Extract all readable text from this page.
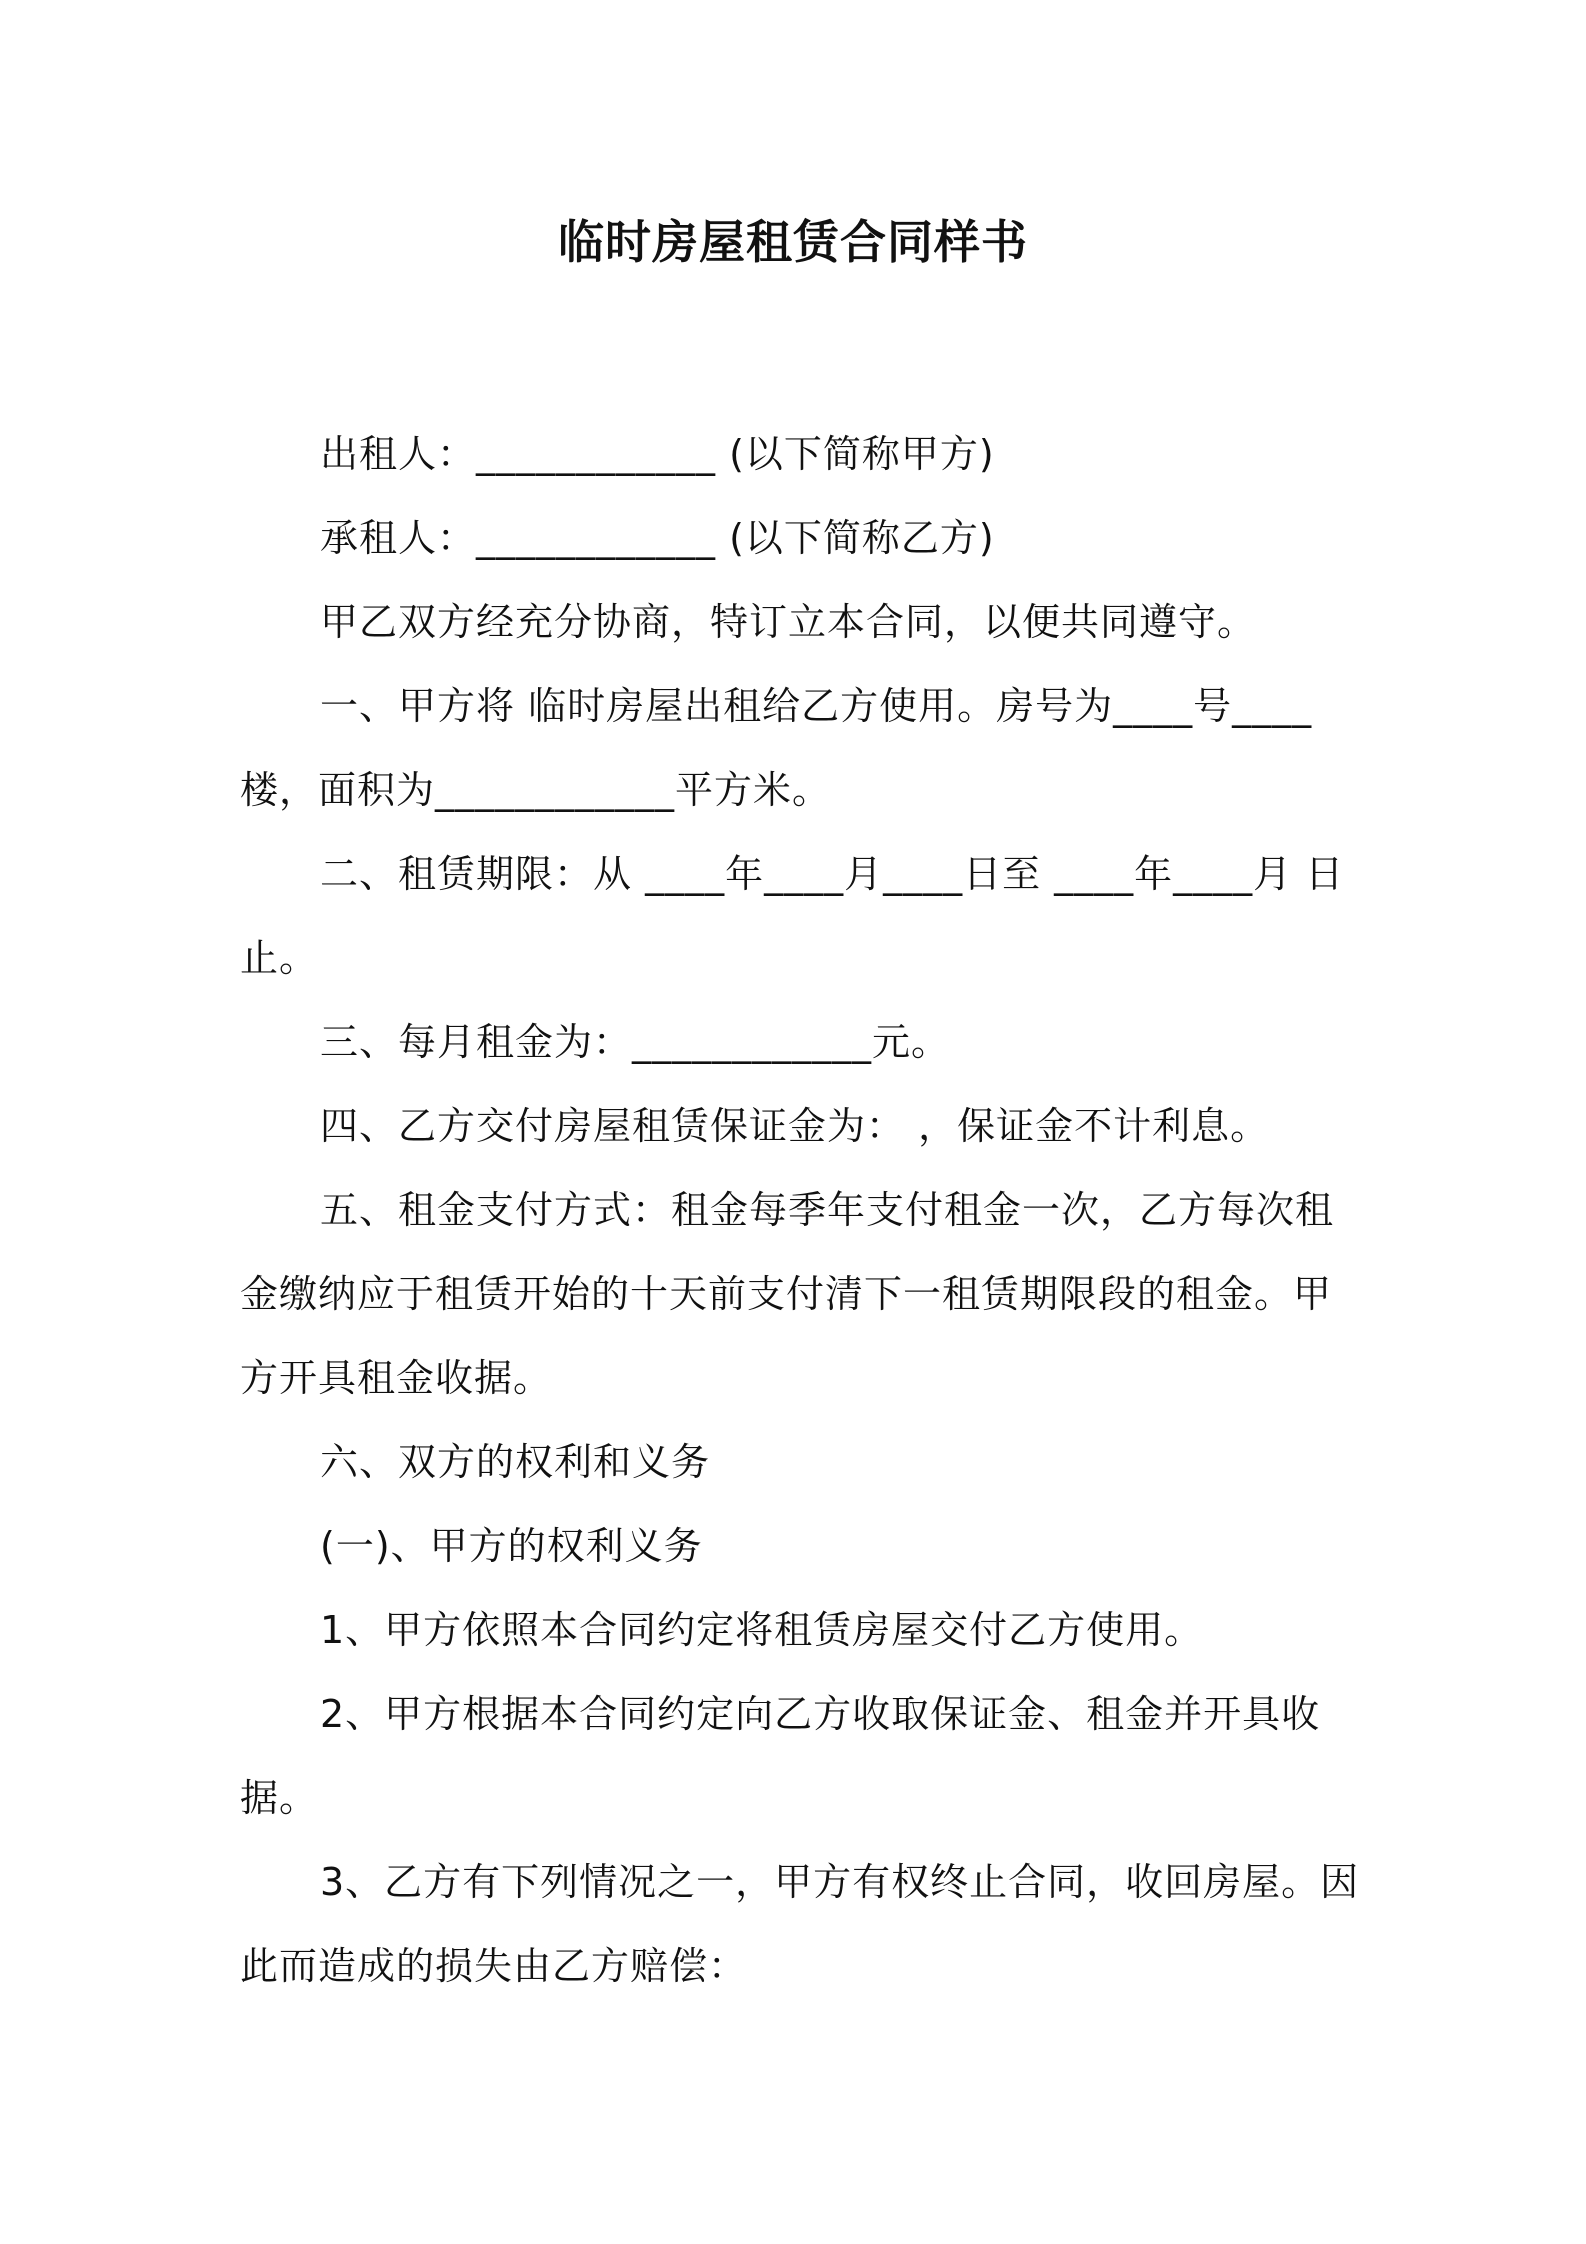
临时房屋租赁合同样书
出租人：____________ (以下简称甲方)
承租人：____________ (以下简称乙方)
甲乙双方经充分协商，特订立本合同，以便共同遵守。
一、甲方将 临时房屋出租给乙方使用。房号为____号____楼，面积为____________平方米。
二、租赁期限：从 ____年____月____日至 ____年____月 日止。
三、每月租金为：____________元。
四、乙方交付房屋租赁保证金为： ，保证金不计利息。
五、租金支付方式：租金每季年支付租金一次，乙方每次租金缴纳应于租赁开始的十天前支付清下一租赁期限段的租金。甲方开具租金收据。
六、双方的权利和义务
(一)、甲方的权利义务
1、甲方依照本合同约定将租赁房屋交付乙方使用。
2、甲方根据本合同约定向乙方收取保证金、租金并开具收据。
3、乙方有下列情况之一，甲方有权终止合同，收回房屋。因此而造成的损失由乙方赔偿：
